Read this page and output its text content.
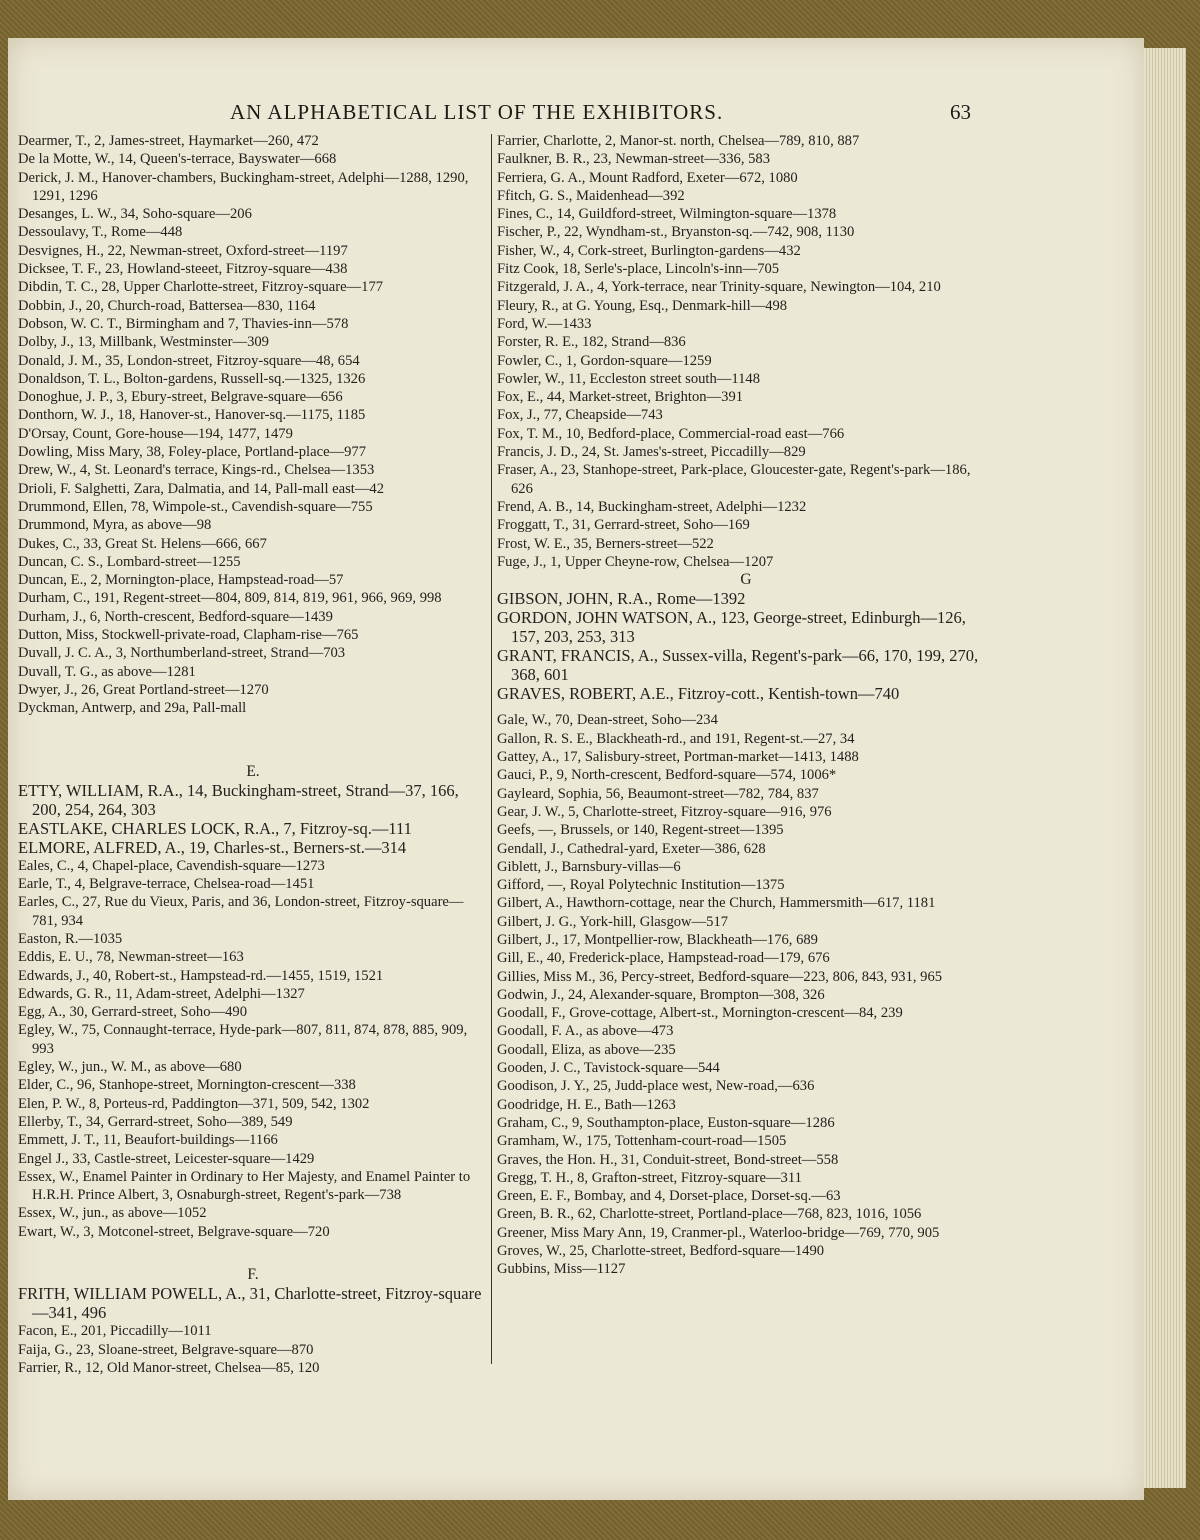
AN ALPHABETICAL LIST OF THE EXHIBITORS.	63
Dearmer, T., 2, James-street, Haymarket—260, 472
De la Motte, W., 14, Queen's-terrace, Bayswater—668
Derick, J. M., Hanover-chambers, Buckingham-street, Adelphi—1288, 1290, 1291, 1296
Desanges, L. W., 34, Soho-square—206
Dessoulavy, T., Rome—448
Desvignes, H., 22, Newman-street, Oxford-street—1197
Dicksee, T. F., 23, Howland-steeet, Fitzroy-square—438
Dibdin, T. C., 28, Upper Charlotte-street, Fitzroy-square—177
Dobbin, J., 20, Church-road, Battersea—830, 1164
Dobson, W. C. T., Birmingham and 7, Thavies-inn—578
Dolby, J., 13, Millbank, Westminster—309
Donald, J. M., 35, London-street, Fitzroy-square—48, 654
Donaldson, T. L., Bolton-gardens, Russell-sq.—1325, 1326
Donoghue, J. P., 3, Ebury-street, Belgrave-square—656
Donthorn, W. J., 18, Hanover-st., Hanover-sq.—1175, 1185
D'Orsay, Count, Gore-house—194, 1477, 1479
Dowling, Miss Mary, 38, Foley-place, Portland-place—977
Drew, W., 4, St. Leonard's terrace, Kings-rd., Chelsea—1353
Drioli, F. Salghetti, Zara, Dalmatia, and 14, Pall-mall east—42
Drummond, Ellen, 78, Wimpole-st., Cavendish-square—755
Drummond, Myra, as above—98
Dukes, C., 33, Great St. Helens—666, 667
Duncan, C. S., Lombard-street—1255
Duncan, E., 2, Mornington-place, Hampstead-road—57
Durham, C., 191, Regent-street—804, 809, 814, 819, 961, 966, 969, 998
Durham, J., 6, North-crescent, Bedford-square—1439
Dutton, Miss, Stockwell-private-road, Clapham-rise—765
Duvall, J. C. A., 3, Northumberland-street, Strand—703
Duvall, T. G., as above—1281
Dwyer, J., 26, Great Portland-street—1270
Dyckman, Antwerp, and 29a, Pall-mall
E.
ETTY, WILLIAM, R.A., 14, Buckingham-street, Strand—37, 166, 200, 254, 264, 303
EASTLAKE, CHARLES LOCK, R.A., 7, Fitzroy-sq.—111
ELMORE, ALFRED, A., 19, Charles-st., Berners-st.—314
Eales, C., 4, Chapel-place, Cavendish-square—1273
Earle, T., 4, Belgrave-terrace, Chelsea-road—1451
Earles, C., 27, Rue du Vieux, Paris, and 36, London-street, Fitzroy-square—781, 934
Easton, R.—1035
Eddis, E. U., 78, Newman-street—163
Edwards, J., 40, Robert-st., Hampstead-rd.—1455, 1519, 1521
Edwards, G. R., 11, Adam-street, Adelphi—1327
Egg, A., 30, Gerrard-street, Soho—490
Egley, W., 75, Connaught-terrace, Hyde-park—807, 811, 874, 878, 885, 909, 993
Egley, W., jun., W. M., as above—680
Elder, C., 96, Stanhope-street, Mornington-crescent—338
Elen, P. W., 8, Porteus-rd, Paddington—371, 509, 542, 1302
Ellerby, T., 34, Gerrard-street, Soho—389, 549
Emmett, J. T., 11, Beaufort-buildings—1166
Engel J., 33, Castle-street, Leicester-square—1429
Essex, W., Enamel Painter in Ordinary to Her Majesty, and Enamel Painter to H.R.H. Prince Albert, 3, Osnaburgh-street, Regent's-park—738
Essex, W., jun., as above—1052
Ewart, W., 3, Motconel-street, Belgrave-square—720
F.
FRITH, WILLIAM POWELL, A., 31, Charlotte-street, Fitzroy-square—341, 496
Facon, E., 201, Piccadilly—1011
Faija, G., 23, Sloane-street, Belgrave-square—870
Farrier, R., 12, Old Manor-street, Chelsea—85, 120
Farrier, Charlotte, 2, Manor-st. north, Chelsea—789, 810, 887
Faulkner, B. R., 23, Newman-street—336, 583
Ferriera, G. A., Mount Radford, Exeter—672, 1080
Ffitch, G. S., Maidenhead—392
Fines, C., 14, Guildford-street, Wilmington-square—1378
Fischer, P., 22, Wyndham-st., Bryanston-sq.—742, 908, 1130
Fisher, W., 4, Cork-street, Burlington-gardens—432
Fitz Cook, 18, Serle's-place, Lincoln's-inn—705
Fitzgerald, J. A., 4, York-terrace, near Trinity-square, Newington—104, 210
Fleury, R., at G. Young, Esq., Denmark-hill—498
Ford, W.—1433
Forster, R. E., 182, Strand—836
Fowler, C., 1, Gordon-square—1259
Fowler, W., 11, Eccleston street south—1148
Fox, E., 44, Market-street, Brighton—391
Fox, J., 77, Cheapside—743
Fox, T. M., 10, Bedford-place, Commercial-road east—766
Francis, J. D., 24, St. James's-street, Piccadilly—829
Fraser, A., 23, Stanhope-street, Park-place, Gloucester-gate, Regent's-park—186, 626
Frend, A. B., 14, Buckingham-street, Adelphi—1232
Froggatt, T., 31, Gerrard-street, Soho—169
Frost, W. E., 35, Berners-street—522
Fuge, J., 1, Upper Cheyne-row, Chelsea—1207
G
GIBSON, JOHN, R.A., Rome—1392
GORDON, JOHN WATSON, A., 123, George-street, Edinburgh—126, 157, 203, 253, 313
GRANT, FRANCIS, A., Sussex-villa, Regent's-park—66, 170, 199, 270, 368, 601
GRAVES, ROBERT, A.E., Fitzroy-cott., Kentish-town—740
Gale, W., 70, Dean-street, Soho—234
Gallon, R. S. E., Blackheath-rd., and 191, Regent-st.—27, 34
Gattey, A., 17, Salisbury-street, Portman-market—1413, 1488
Gauci, P., 9, North-crescent, Bedford-square—574, 1006*
Gayleard, Sophia, 56, Beaumont-street—782, 784, 837
Gear, J. W., 5, Charlotte-street, Fitzroy-square—916, 976
Geefs, —, Brussels, or 140, Regent-street—1395
Gendall, J., Cathedral-yard, Exeter—386, 628
Giblett, J., Barnsbury-villas—6
Gifford, —, Royal Polytechnic Institution—1375
Gilbert, A., Hawthorn-cottage, near the Church, Hammersmith—617, 1181
Gilbert, J. G., York-hill, Glasgow—517
Gilbert, J., 17, Montpellier-row, Blackheath—176, 689
Gill, E., 40, Frederick-place, Hampstead-road—179, 676
Gillies, Miss M., 36, Percy-street, Bedford-square—223, 806, 843, 931, 965
Godwin, J., 24, Alexander-square, Brompton—308, 326
Goodall, F., Grove-cottage, Albert-st., Mornington-crescent—84, 239
Goodall, F. A., as above—473
Goodall, Eliza, as above—235
Gooden, J. C., Tavistock-square—544
Goodison, J. Y., 25, Judd-place west, New-road,—636
Goodridge, H. E., Bath—1263
Graham, C., 9, Southampton-place, Euston-square—1286
Gramham, W., 175, Tottenham-court-road—1505
Graves, the Hon. H., 31, Conduit-street, Bond-street—558
Gregg, T. H., 8, Grafton-street, Fitzroy-square—311
Green, E. F., Bombay, and 4, Dorset-place, Dorset-sq.—63
Green, B. R., 62, Charlotte-street, Portland-place—768, 823, 1016, 1056
Greener, Miss Mary Ann, 19, Cranmer-pl., Waterloo-bridge—769, 770, 905
Groves, W., 25, Charlotte-street, Bedford-square—1490
Gubbins, Miss—1127
